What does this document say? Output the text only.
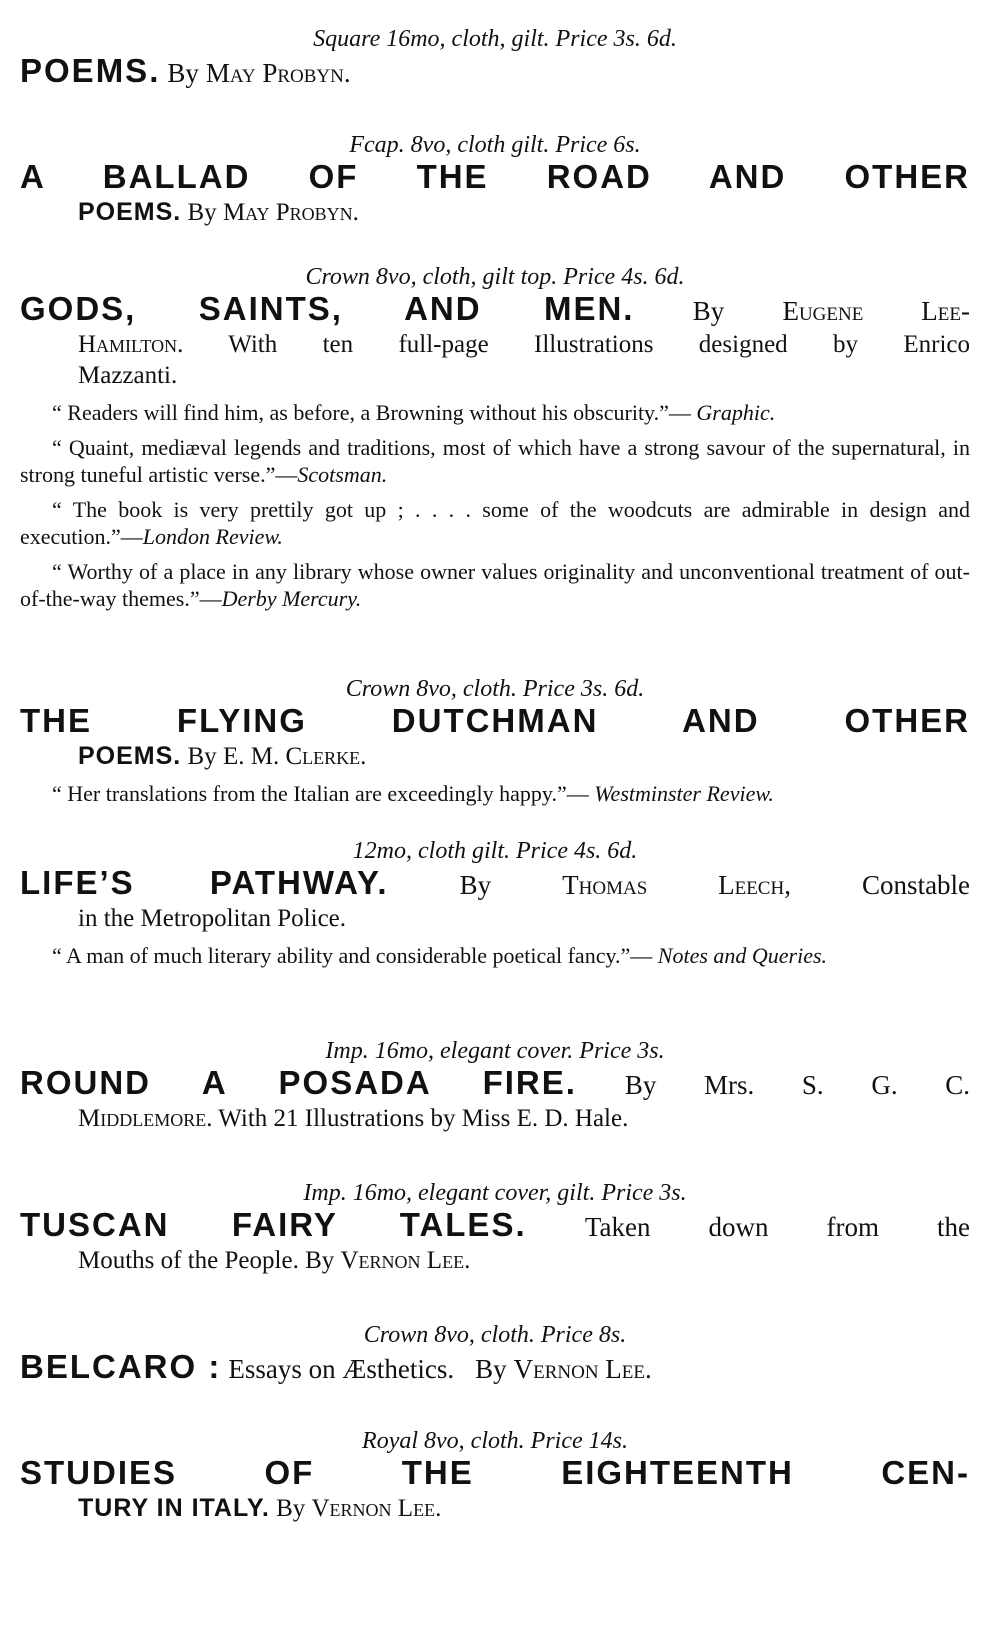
Square 16mo, cloth, gilt. Price 3s. 6d.

POEMS. By May Probyn.

Fcap. 8vo, cloth gilt. Price 6s.

A BALLAD OF THE ROAD AND OTHER

POEMS. By May Probyn.

Crown 8vo, cloth, gilt top. Price 4s. 6d.

GODS, SAINTS, AND MEN. By Eugene Lee-

Hamilton. With ten full-page Illustrations designed by Enrico

Mazzanti.

“ Readers will find him, as before, a Browning without his obscurity.”— Graphic.

“ Quaint, mediæval legends and traditions, most of which have a strong savour of the supernatural, in strong tuneful artistic verse.”—Scotsman.

“ The book is very prettily got up ; . . . . some of the woodcuts are admirable in design and execution.”—London Review.

“ Worthy of a place in any library whose owner values originality and unconventional treatment of out-of-the-way themes.”—Derby Mercury.

Crown 8vo, cloth. Price 3s. 6d.

THE FLYING DUTCHMAN AND OTHER

POEMS. By E. M. Clerke.

“ Her translations from the Italian are exceedingly happy.”— Westminster Review.

12mo, cloth gilt. Price 4s. 6d.

LIFE’S PATHWAY.	By	Thomas Leech,	Constable

in the Metropolitan Police.

“ A man of much literary ability and considerable poetical fancy.”— Notes and Queries.

Imp. 16mo, elegant cover. Price 3s.

ROUND A POSADA FIRE. By Mrs. S. G. C.

Middlemore. With 21 Illustrations by Miss E. D. Hale.

Imp. 16mo, elegant cover, gilt. Price 3s.

TUSCAN FAIRY TALES. Taken down from the

Mouths of the People. By Vernon Lee.

Crown 8vo, cloth. Price 8s.

BELCARO : Essays on Æsthetics. By Vernon Lee.

Royal 8vo, cloth. Price 14s.

STUDIES OF THE EIGHTEENTH CEN-

TURY IN ITALY. By Vernon Lee.
